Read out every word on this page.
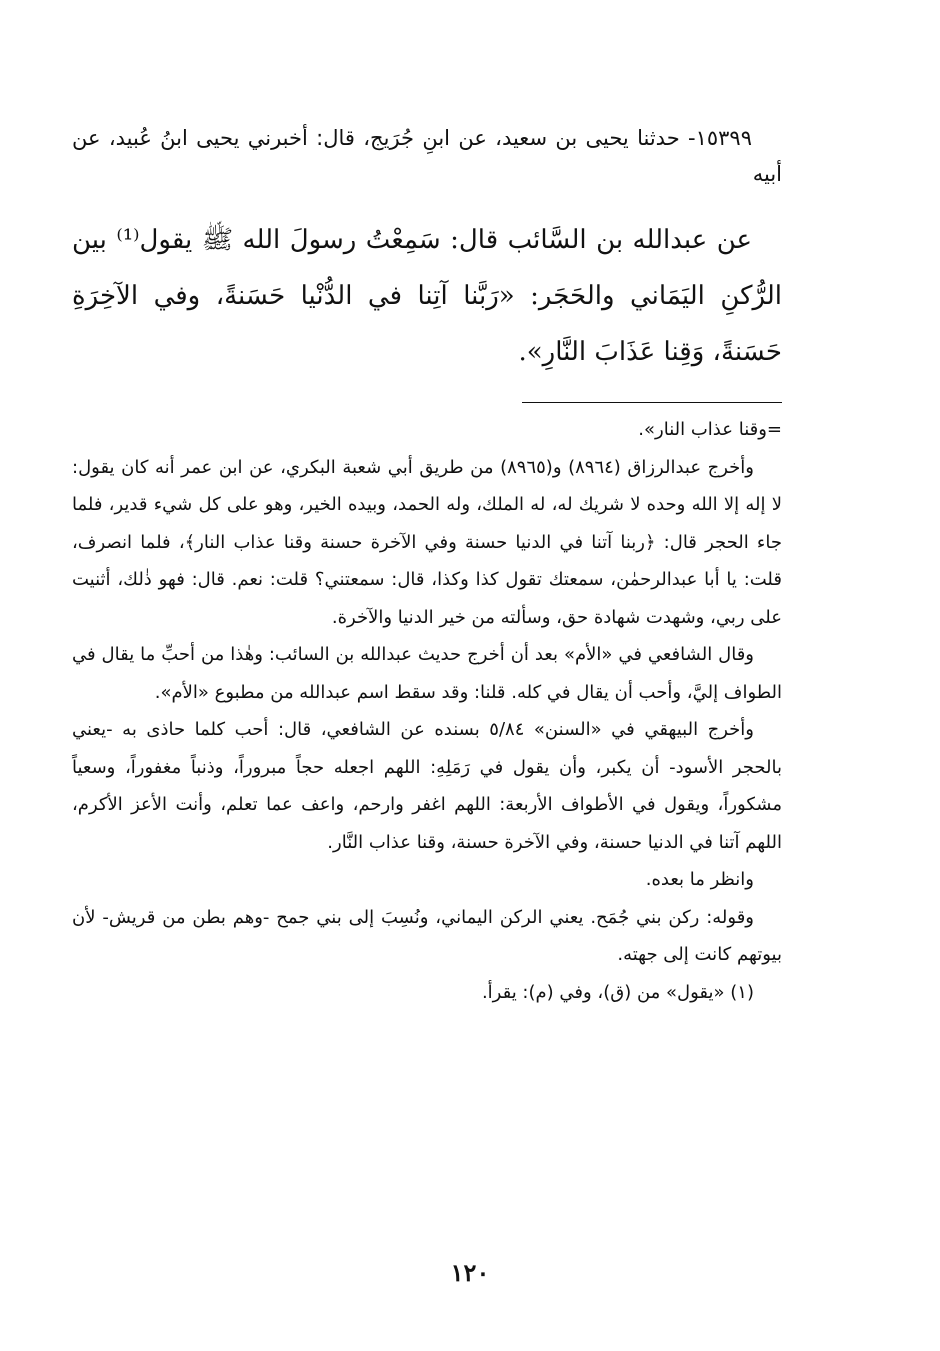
١٥٣٩٩- حدثنا يحيى بن سعيد، عن ابنِ جُرَيج، قال: أخبرني يحيى ابنُ عُبيد، عن أبيه

عن عبدالله بن السَّائب قال: سَمِعْتُ رسولَ الله ﷺ يقول⁽¹⁾ بين الرُّكنِ اليَمَاني والحَجَر: «رَبَّنا آتِنا في الدُّنْيا حَسَنةً، وفي الآخِرَةِ حَسَنةً، وَقِنا عَذَابَ النَّارِ».

=وقنا عذاب النار».

وأخرج عبدالرزاق (٨٩٦٤) و(٨٩٦٥) من طريق أبي شعبة البكري، عن ابن عمر أنه كان يقول: لا إله إلا الله وحده لا شريك له، له الملك، وله الحمد، وبيده الخير، وهو على كل شيء قدير، فلما جاء الحجر قال: ﴿ربنا آتنا في الدنيا حسنة وفي الآخرة حسنة وقنا عذاب النار﴾، فلما انصرف، قلت: يا أبا عبدالرحمٰن، سمعتك تقول كذا وكذا، قال: سمعتني؟ قلت: نعم. قال: فهو ذٰلك، أثنيت على ربي، وشهدت شهادة حق، وسألته من خير الدنيا والآخرة.

وقال الشافعي في «الأم» بعد أن أخرج حديث عبدالله بن السائب: وهٰذا من أحبِّ ما يقال في الطواف إليَّ، وأحب أن يقال في كله. قلنا: وقد سقط اسم عبدالله من مطبوع «الأم».

وأخرج البيهقي في «السنن» ٥/٨٤ بسنده عن الشافعي، قال: أحب كلما حاذى به -يعني بالحجر الأسود- أن يكبر، وأن يقول في رَمَلِهِ: اللهم اجعله حجاً مبروراً، وذنباً مغفوراً، وسعياً مشكوراً، ويقول في الأطواف الأربعة: اللهم اغفر وارحم، واعف عما تعلم، وأنت الأعز الأكرم، اللهم آتنا في الدنيا حسنة، وفي الآخرة حسنة، وقنا عذاب النَّار.

وانظر ما بعده.

وقوله: ركن بني جُمَح. يعني الركن اليماني، ونُسِبَ إلى بني جمح -وهم بطن من قريش- لأن بيوتهم كانت إلى جهته.

(١) «يقول» من (ق)، وفي (م): يقرأ.

١٢٠
